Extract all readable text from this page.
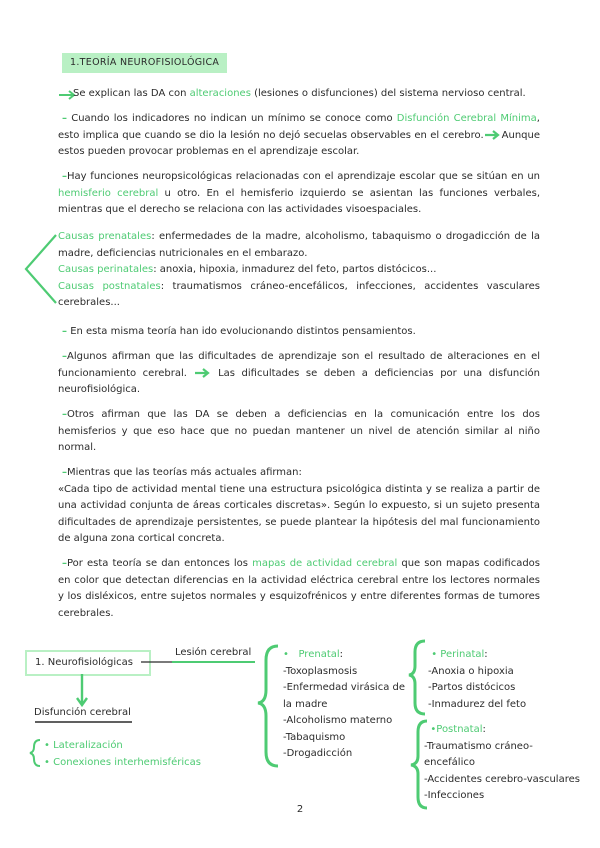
1.TEORÍA NEUROFISIOLÓGICA

Se explican las DA con alteraciones (lesiones o disfunciones) del sistema nervioso central.

– Cuando los indicadores no indican un mínimo se conoce como Disfunción Cerebral Mínima, esto implica que cuando se dio la lesión no dejó secuelas observables en el cerebro. Aunque estos pueden provocar problemas en el aprendizaje escolar.

–Hay funciones neuropsicológicas relacionadas con el aprendizaje escolar que se sitúan en un hemisferio cerebral u otro. En el hemisferio izquierdo se asientan las funciones verbales, mientras que el derecho se relaciona con las actividades visoespaciales.

Causas prenatales: enfermedades de la madre, alcoholismo, tabaquismo o drogadicción de la madre, deficiencias nutricionales en el embarazo.
Causas perinatales: anoxia, hipoxia, inmadurez del feto, partos distócicos...
Causas postnatales: traumatismos cráneo-encefálicos, infecciones, accidentes vasculares cerebrales...

– En esta misma teoría han ido evolucionando distintos pensamientos.

–Algunos afirman que las dificultades de aprendizaje son el resultado de alteraciones en el funcionamiento cerebral.	Las dificultades se deben a deficiencias por una disfunción neurofisiológica.

–Otros afirman que las DA se deben a deficiencias en la comunicación entre los dos hemisferios y que eso hace que no puedan mantener un nivel de atención similar al niño normal.

–Mientras que las teorías más actuales afirman:
«Cada tipo de actividad mental tiene una estructura psicológica distinta y se realiza a partir de una actividad conjunta de áreas corticales discretas». Según lo expuesto, si un sujeto presenta dificultades de aprendizaje persistentes, se puede plantear la hipótesis del mal funcionamiento de alguna zona cortical concreta.

–Por esta teoría se dan entonces los mapas de actividad cerebral que son mapas codificados en color que detectan diferencias en la actividad eléctrica cerebral entre los lectores normales y los disléxicos, entre sujetos normales y esquizofrénicos y entre diferentes formas de tumores cerebrales.

1. Neurofisiológicas
Lesión cerebral
Disfunción cerebral
• Lateralización
• Conexiones interhemisféricas
• Prenatal:
-Toxoplasmosis
-Enfermedad virásica de
la madre
-Alcoholismo materno
-Tabaquismo
-Drogadicción
• Perinatal:
-Anoxia o hipoxia
-Partos distócicos
-Inmadurez del feto
•Postnatal:
-Traumatismo cráneo-
encefálico
-Accidentes cerebro-vasculares
-Infecciones
2
